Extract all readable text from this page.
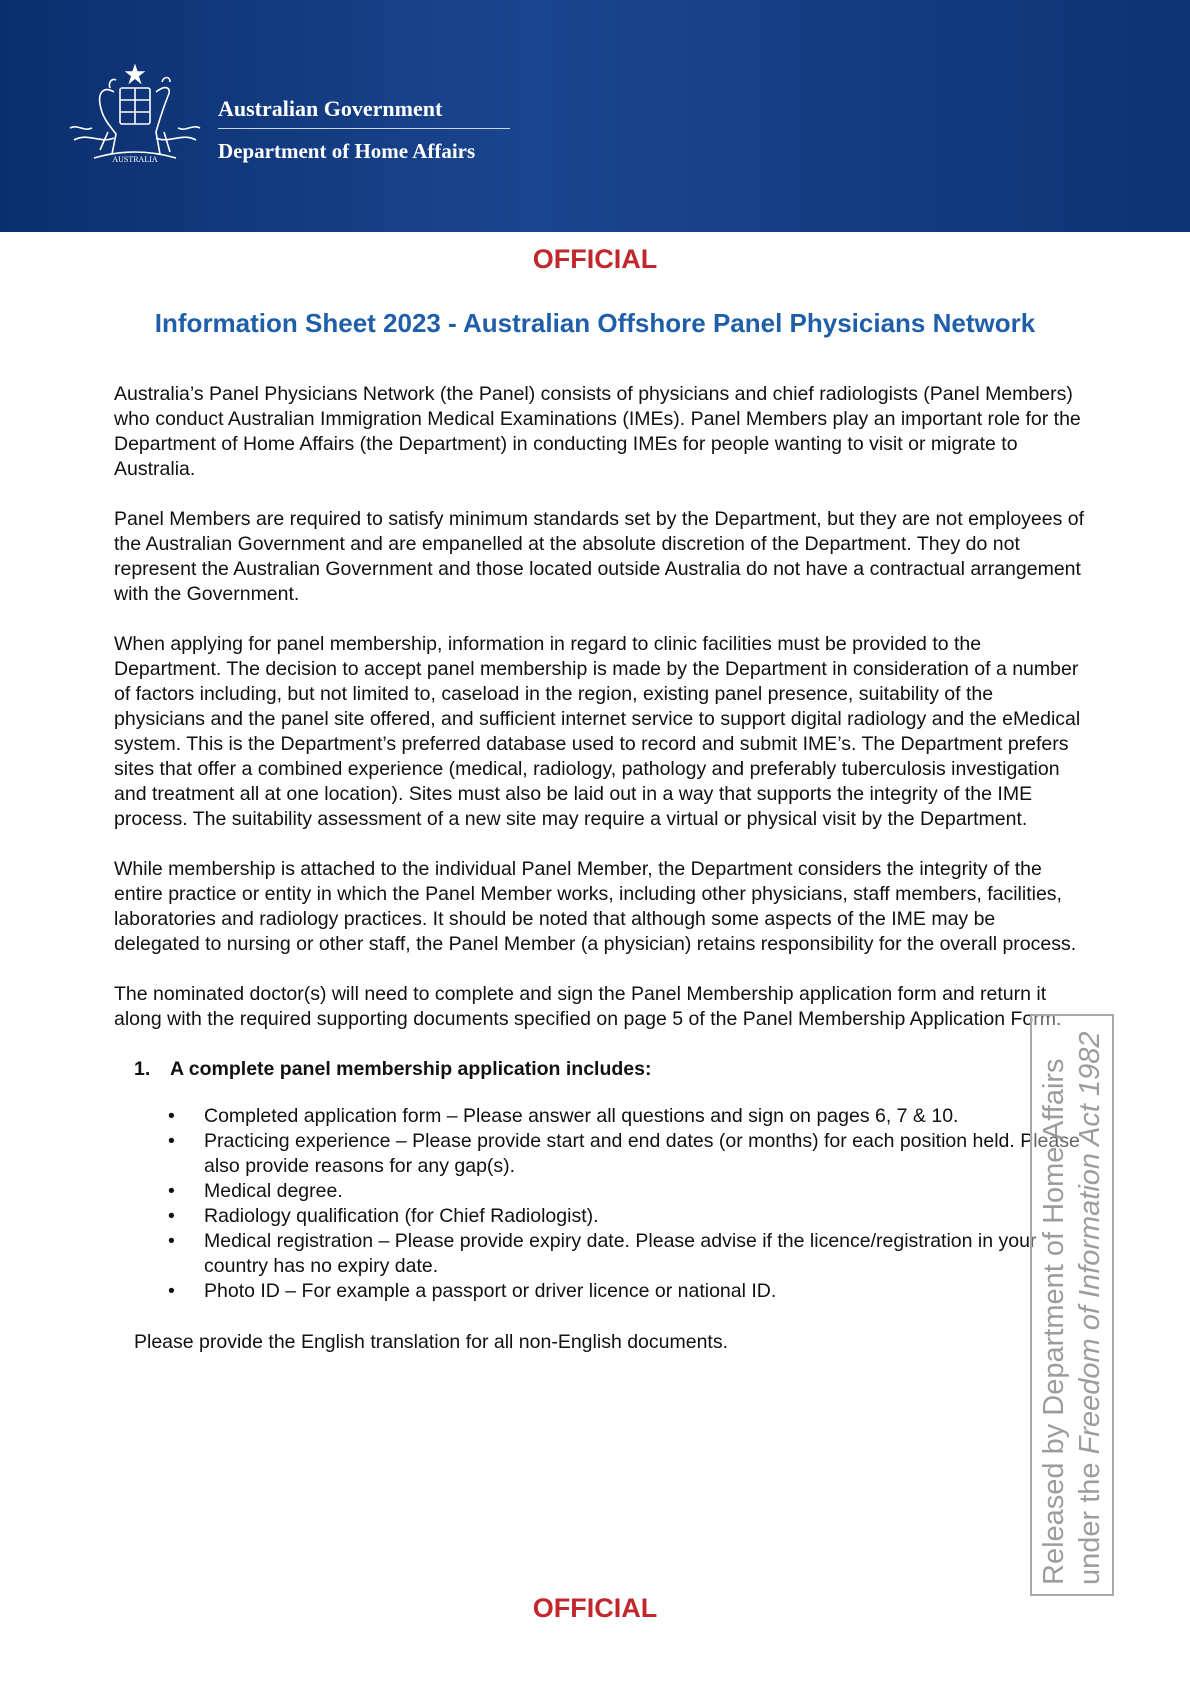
AUSTRALIA
Australian Government
Department of Home Affairs
OFFICIAL
Information Sheet 2023 - Australian Offshore Panel Physicians Network

Australia’s Panel Physicians Network (the Panel) consists of physicians and chief radiologists (Panel Members) who conduct Australian Immigration Medical Examinations (IMEs). Panel Members play an important role for the Department of Home Affairs (the Department) in conducting IMEs for people wanting to visit or migrate to Australia.

Panel Members are required to satisfy minimum standards set by the Department, but they are not employees of the Australian Government and are empanelled at the absolute discretion of the Department. They do not represent the Australian Government and those located outside Australia do not have a contractual arrangement with the Government.

When applying for panel membership, information in regard to clinic facilities must be provided to the Department. The decision to accept panel membership is made by the Department in consideration of a number of factors including, but not limited to, caseload in the region, existing panel presence, suitability of the physicians and the panel site offered, and sufficient internet service to support digital radiology and the eMedical system. This is the Department’s preferred database used to record and submit IME’s. The Department prefers sites that offer a combined experience (medical, radiology, pathology and preferably tuberculosis investigation and treatment all at one location). Sites must also be laid out in a way that supports the integrity of the IME process. The suitability assessment of a new site may require a virtual or physical visit by the Department.

While membership is attached to the individual Panel Member, the Department considers the integrity of the entire practice or entity in which the Panel Member works, including other physicians, staff members, facilities, laboratories and radiology practices. It should be noted that although some aspects of the IME may be delegated to nursing or other staff, the Panel Member (a physician) retains responsibility for the overall process.

The nominated doctor(s) will need to complete and sign the Panel Membership application form and return it along with the required supporting documents specified on page 5 of the Panel Membership Application Form.

1. A complete panel membership application includes:
• Completed application form – Please answer all questions and sign on pages 6, 7 & 10.
• Practicing experience – Please provide start and end dates (or months) for each position held. Please also provide reasons for any gap(s).
• Medical degree.
• Radiology qualification (for Chief Radiologist).
• Medical registration – Please provide expiry date. Please advise if the licence/registration in your country has no expiry date.
• Photo ID – For example a passport or driver licence or national ID.
Please provide the English translation for all non-English documents.	Released by Department of Home Affairs under the Freedom of Information Act 1982
OFFICIAL
